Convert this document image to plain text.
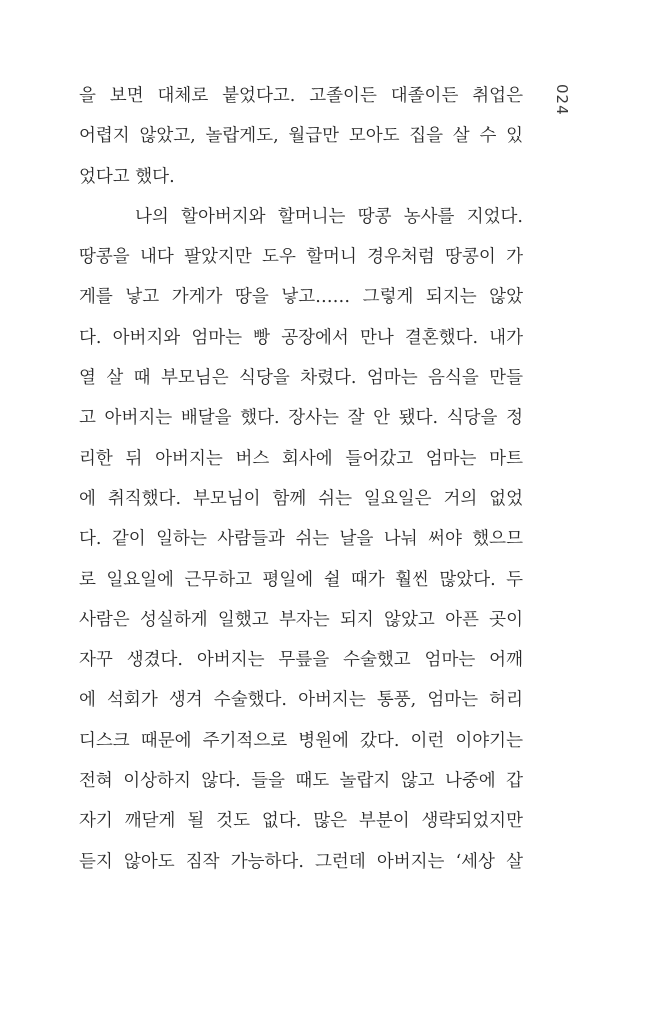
024
을 보면 대체로 붙었다고. 고졸이든 대졸이든 취업은
어렵지 않았고, 놀랍게도, 월급만 모아도 집을 살 수 있
었다고 했다.
나의 할아버지와 할머니는 땅콩 농사를 지었다.
땅콩을 내다 팔았지만 도우 할머니 경우처럼 땅콩이 가
게를 낳고 가게가 땅을 낳고…… 그렇게 되지는 않았
다. 아버지와 엄마는 빵 공장에서 만나 결혼했다. 내가
열 살 때 부모님은 식당을 차렸다. 엄마는 음식을 만들
고 아버지는 배달을 했다. 장사는 잘 안 됐다. 식당을 정
리한 뒤 아버지는 버스 회사에 들어갔고 엄마는 마트
에 취직했다. 부모님이 함께 쉬는 일요일은 거의 없었
다. 같이 일하는 사람들과 쉬는 날을 나눠 써야 했으므
로 일요일에 근무하고 평일에 쉴 때가 훨씬 많았다. 두
사람은 성실하게 일했고 부자는 되지 않았고 아픈 곳이
자꾸 생겼다. 아버지는 무릎을 수술했고 엄마는 어깨
에 석회가 생겨 수술했다. 아버지는 통풍, 엄마는 허리
디스크 때문에 주기적으로 병원에 갔다. 이런 이야기는
전혀 이상하지 않다. 들을 때도 놀랍지 않고 나중에 갑
자기 깨닫게 될 것도 없다. 많은 부분이 생략되었지만
듣지 않아도 짐작 가능하다. 그런데 아버지는 ‘세상 살
